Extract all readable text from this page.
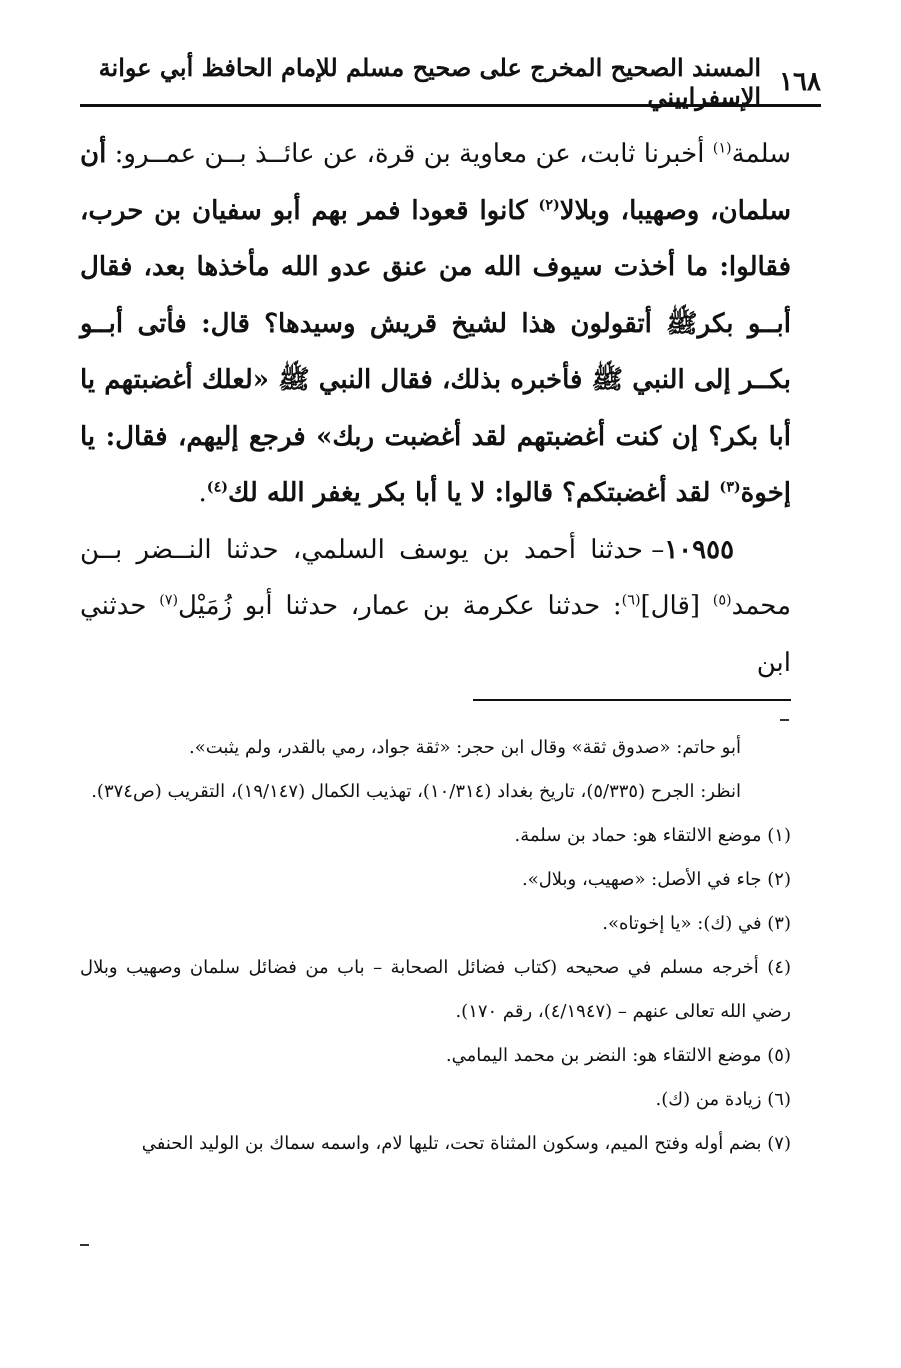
١٦٨
المسند الصحيح المخرج على صحيح مسلم للإمام الحافظ أبي عوانة الإسفراييني

سلمة$^{(١)}$ أخبرنا ثابت، عن معاوية بن قرة، عن عائــذ بــن عمــرو: أن سلمان، وصهيبا، وبلالا$^{(٢)}$ كانوا قعودا فمر بهم أبو سفيان بن حرب، فقالوا: ما أخذت سيوف الله من عنق عدو الله مأخذها بعد، فقال أبــو بكرﷺ أتقولون هذا لشيخ قريش وسيدها؟ قال: فأتى أبــو بكــر إلى النبي ﷺ فأخبره بذلك، فقال النبي ﷺ «لعلك أغضبتهم يا أبا بكر؟ إن كنت أغضبتهم لقد أغضبت ربك» فرجع إليهم، فقال: يا إخوة$^{(٣)}$ لقد أغضبتكم؟ قالوا: لا يا أبا بكر يغفر الله لك$^{(٤)}$.

١٠٩٥٥– حدثنا أحمد بن يوسف السلمي، حدثنا النــضر بــن محمد$^{(٥)}$ [قال]$^{(٦)}$: حدثنا عكرمة بن عمار، حدثنا أبو زُمَيْل$^{(٧)}$ حدثني ابن

أبو حاتم: «صدوق ثقة» وقال ابن حجر: «ثقة جواد، رمي بالقدر، ولم يثبت».

انظر: الجرح (٥/٣٣٥)، تاريخ بغداد (١٠/٣١٤)، تهذيب الكمال (١٩/١٤٧)، التقريب (ص٣٧٤).

(١) موضع الالتقاء هو: حماد بن سلمة.

(٢) جاء في الأصل: «صهيب، وبلال».

(٣) في (ك): «يا إخوتاه».

(٤) أخرجه مسلم في صحيحه (كتاب فضائل الصحابة – باب من فضائل سلمان وصهيب وبلال رضي الله تعالى عنهم – (٤/١٩٤٧)، رقم ١٧٠).

(٥) موضع الالتقاء هو: النضر بن محمد اليمامي.

(٦) زيادة من (ك).

(٧) بضم أوله وفتح الميم، وسكون المثناة تحت، تليها لام، واسمه سماك بن الوليد الحنفي
